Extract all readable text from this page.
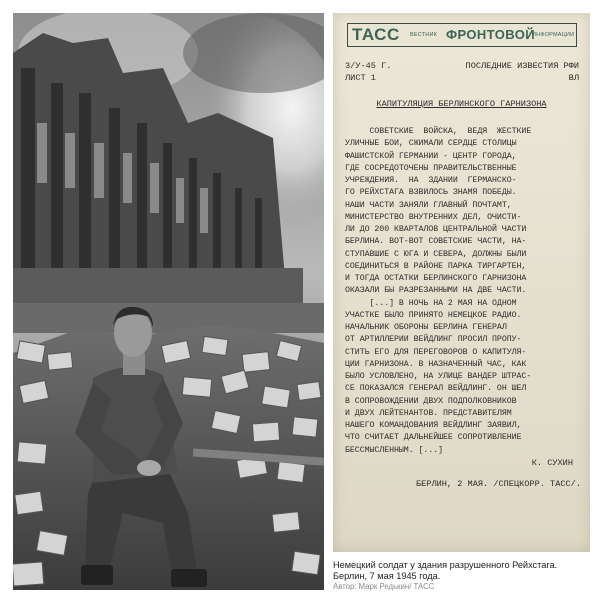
ТАСС ВЕСТНИК ФРОНТОВОЙ
ИНФОРМАЦИИ
3/У-45 Г.	ПОСЛЕДНИЕ ИЗВЕСТИЯ РФИ
ЛИСТ 1	ВЛ
КАПИТУЛЯЦИЯ БЕРЛИНСКОГО ГАРНИЗОНА
СОВЕТСКИЕ  ВОЙСКА,  ВЕДЯ  ЖЕСТКИЕ
УЛИЧНЫЕ БОИ, СЖИМАЛИ СЕРДЦЕ СТОЛИЦЫ
ФАШИСТСКОЙ ГЕРМАНИИ - ЦЕНТР ГОРОДА,
ГДЕ СОСРЕДОТОЧЕНЫ ПРАВИТЕЛЬСТВЕННЫЕ
УЧРЕЖДЕНИЯ.  НА  ЗДАНИИ  ГЕРМАНСКО-
ГО РЕЙХСТАГА ВЗВИЛОСЬ ЗНАМЯ ПОБЕДЫ.
НАШИ ЧАСТИ ЗАНЯЛИ ГЛАВНЫЙ ПОЧТАМТ,
МИНИСТЕРСТВО ВНУТРЕННИХ ДЕЛ, ОЧИСТИ-
ЛИ ДО 200 КВАРТАЛОВ ЦЕНТРАЛЬНОЙ ЧАСТИ
БЕРЛИНА. ВОТ-ВОТ СОВЕТСКИЕ ЧАСТИ, НА-
СТУПАВШИЕ С ЮГА И СЕВЕРА, ДОЛЖНЫ БЫЛИ
СОЕДИНИТЬСЯ В РАЙОНЕ ПАРКА ТИРГАРТЕН,
И ТОГДА ОСТАТКИ БЕРЛИНСКОГО ГАРНИЗОНА
ОКАЗАЛИ БЫ РАЗРЕЗАННЫМИ НА ДВЕ ЧАСТИ.
[...] В НОЧЬ НА 2 МАЯ НА ОДНОМ
УЧАСТКЕ БЫЛО ПРИНЯТО НЕМЕЦКОЕ РАДИО.
НАЧАЛЬНИК ОБОРОНЫ БЕРЛИНА ГЕНЕРАЛ
ОТ АРТИЛЛЕРИИ ВЕЙДЛИНГ ПРОСИЛ ПРОПУ-
СТИТЬ ЕГО ДЛЯ ПЕРЕГОВОРОВ О КАПИТУЛЯ-
ЦИИ ГАРНИЗОНА. В НАЗНАЧЕННЫЙ ЧАС, КАК
БЫЛО УСЛОВЛЕНО, НА УЛИЦЕ ВАНДЕР ШТРАС-
СЕ ПОКАЗАЛСЯ ГЕНЕРАЛ ВЕЙДЛИНГ. ОН ШЕЛ
В СОПРОВОЖДЕНИИ ДВУХ ПОДПОЛКОВНИКОВ
И ДВУХ ЛЕЙТЕНАНТОВ. ПРЕДСТАВИТЕЛЯМ
НАШЕГО КОМАНДОВАНИЯ ВЕЙДЛИНГ ЗАЯВИЛ,
ЧТО СЧИТАЕТ ДАЛЬНЕЙШЕЕ СОПРОТИВЛЕНИЕ
БЕССМЫСЛЕННЫМ. [...]
К. СУХИН
БЕРЛИН, 2 МАЯ. /СПЕЦКОРР. ТАСС/.
Немецкий солдат у здания разрушенного Рейхстага.
Берлин, 7 мая 1945 года.
Автор: Марк Редькин/ ТАСС
